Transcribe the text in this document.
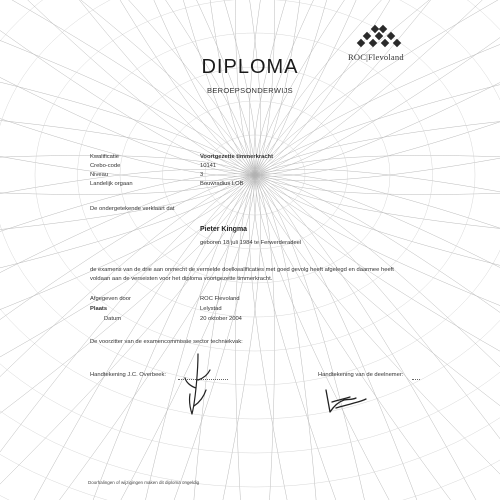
ROC|Flevoland
DIPLOMA
BEROEPSONDERWIJS
Kwalificatie	Voortgezette timmerkracht
Crebo-code	10141
Niveau	3
Landelijk orgaan	Bouwradius LOB
De ondergetekende verklaart dat
Pieter Kingma
geboren 18 juli 1984 te Ferwerderadeel
de examens van de drie aan onmecht de vermelde doelkwalificaties met goed gevolg heeft afgelegd en daarmee heeft
voldaan aan de verseisten voor het diploma voortgezette timmerkracht.
Afgegeven door	ROC Flevoland
Plaats	Lelystad
Datum	20 oktober 2004
De voorzitter van de examencommissie sector techniekvak:
Handtekening J.C. Overbeek:	Handtekening van de deelnemer:
Doorhalingen of wijzigingen maken dit diploma ongeldig
